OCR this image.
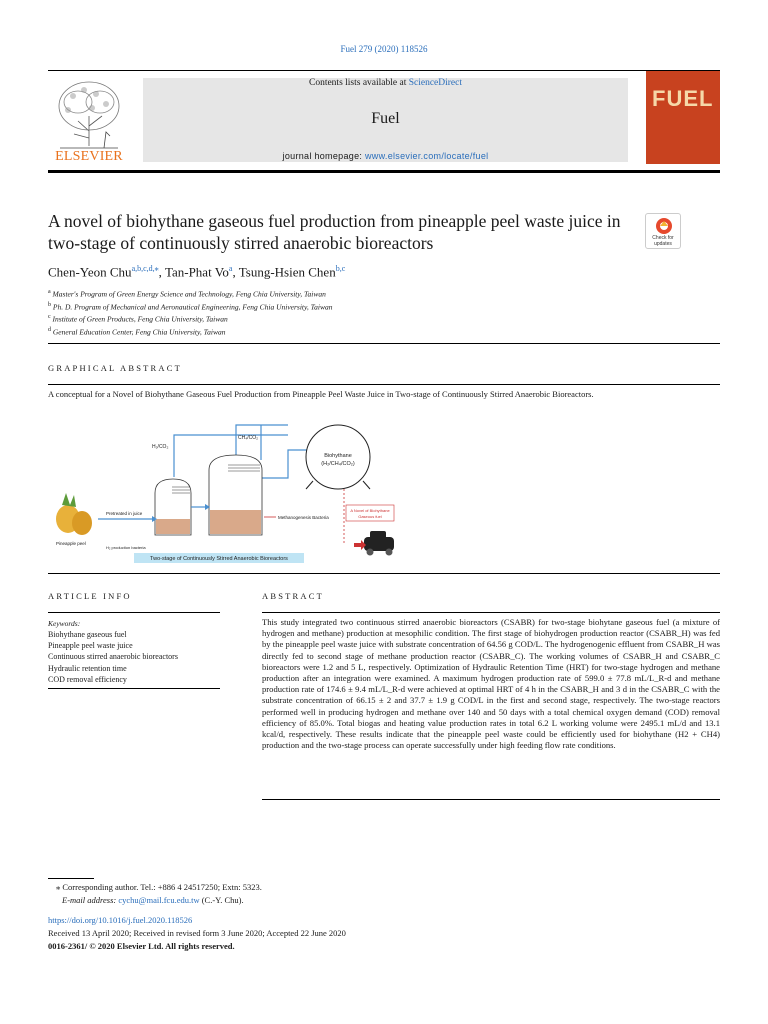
Fuel 279 (2020) 118526
ELSEVIER
Contents lists available at ScienceDirect
Fuel
journal homepage: www.elsevier.com/locate/fuel
FUEL
A novel of biohythane gaseous fuel production from pineapple peel waste juice in two-stage of continuously stirred anaerobic bioreactors	Check for updates
Chen-Yeon Chu$^{a,b,c,d,⁎}$, Tan-Phat Vo$^a$, Tsung-Hsien Chen$^{b,c}$
$^a$ Master's Program of Green Energy Science and Technology, Feng Chia University, Taiwan
$^b$ Ph. D. Program of Mechanical and Aeronautical Engineering, Feng Chia University, Taiwan
$^c$ Institute of Green Products, Feng Chia University, Taiwan
$^d$ General Education Center, Feng Chia University, Taiwan
GRAPHICAL ABSTRACT
A conceptual for a Novel of Biohythane Gaseous Fuel Production from Pineapple Peel Waste Juice in Two-stage of Continuously Stirred Anaerobic Bioreactors.
H₂/CO₂
CH₄/CO₂
Biohythane
(H₂/CH₄/CO₂)
Pineapple peel
Pretreated in juice
H₂ production bacteria
Methanogenesis Bacteria
A Novel of Biohythane
Gaseous fuel
Two-stage of Continuously Stirred Anaerobic Bioreactors
ARTICLE INFO	ABSTRACT
Keywords:
Biohythane gaseous fuel
Pineapple peel waste juice
Continuous stirred anaerobic bioreactors
Hydraulic retention time
COD removal efficiency
This study integrated two continuous stirred anaerobic bioreactors (CSABR) for two-stage biohytane gaseous fuel (a mixture of hydrogen and methane) production at mesophilic condition. The first stage of biohydrogen production reactor (CSABR_H) was fed by the pineapple peel waste juice with substrate concentration of 64.56 g COD/L. The hydrogenogenic effluent from CSABR_H was directly fed to second stage of methane production reactor (CSABR_C). The working volumes of CSABR_H and CSABR_C bioreactors were 1.2 and 5 L, respectively. Optimization of Hydraulic Retention Time (HRT) for two-stage hydrogen and methane production after an integration were examined. A maximum hydrogen production rate of 599.0 ± 77.8 mL/L_R-d and methane production rate of 174.6 ± 9.4 mL/L_R-d were achieved at optimal HRT of 4 h in the CSABR_H and 3 d in the CSABR_C with the substrate concentration of 66.15 ± 2 and 37.7 ± 1.9 g COD/L in the first and second stage, respectively. The two-stage reactors performed well in producing hydrogen and methane over 140 and 50 days with a total chemical oxygen demand (COD) removal efficiency of 85.0%. Total biogas and heating value production rates in total 6.2 L working volume were 2495.1 mL/d and 13.1 kcal/d, respectively. These results indicate that the pineapple peel waste could be efficiently used for biohythane (H2 + CH4) production and the two-stage process can operate successfully under high feeding flow rate conditions.
⁎ Corresponding author. Tel.: +886 4 24517250; Extn: 5323.
E-mail address: cychu@mail.fcu.edu.tw (C.-Y. Chu).
https://doi.org/10.1016/j.fuel.2020.118526
Received 13 April 2020; Received in revised form 3 June 2020; Accepted 22 June 2020
0016-2361/ © 2020 Elsevier Ltd. All rights reserved.
